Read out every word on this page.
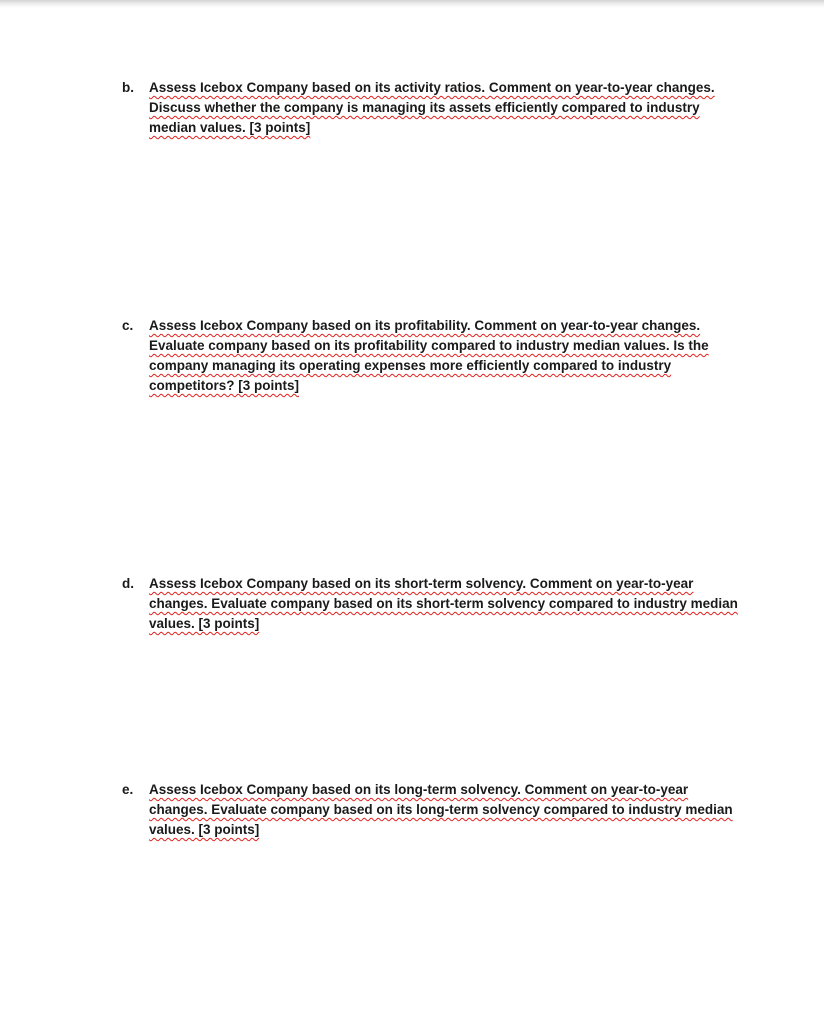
b. Assess Icebox Company based on its activity ratios. Comment on year-to-year changes.
Discuss whether the company is managing its assets efficiently compared to industry
median values. [3 points]
c. Assess Icebox Company based on its profitability. Comment on year-to-year changes.
Evaluate company based on its profitability compared to industry median values. Is the
company managing its operating expenses more efficiently compared to industry
competitors? [3 points]
d. Assess Icebox Company based on its short-term solvency. Comment on year-to-year
changes. Evaluate company based on its short-term solvency compared to industry median
values. [3 points]
e. Assess Icebox Company based on its long-term solvency. Comment on year-to-year
changes. Evaluate company based on its long-term solvency compared to industry median
values. [3 points]
